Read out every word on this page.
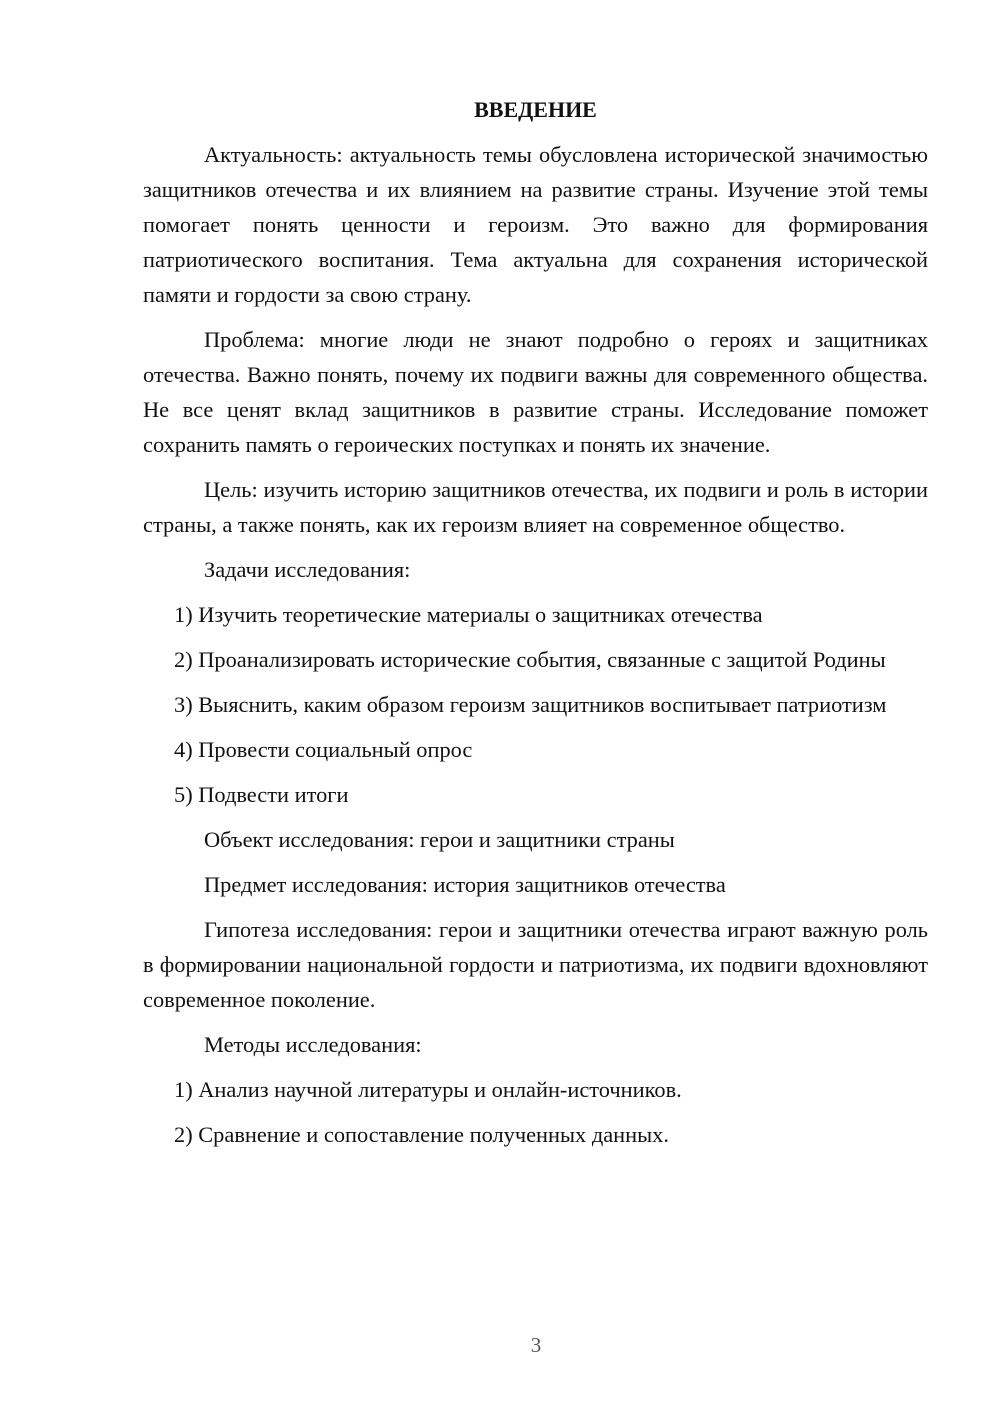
ВВЕДЕНИЕ

Актуальность: актуальность темы обусловлена исторической значимостью защитников отечества и их влиянием на развитие страны. Изучение этой темы помогает понять ценности и героизм. Это важно для формирования патриотического воспитания. Тема актуальна для сохранения исторической памяти и гордости за свою страну.

Проблема: многие люди не знают подробно о героях и защитниках отечества. Важно понять, почему их подвиги важны для современного общества. Не все ценят вклад защитников в развитие страны. Исследование поможет сохранить память о героических поступках и понять их значение.

Цель: изучить историю защитников отечества, их подвиги и роль в истории страны, а также понять, как их героизм влияет на современное общество.

Задачи исследования:

1) Изучить теоретические материалы о защитниках отечества

2) Проанализировать исторические события, связанные с защитой Родины

3) Выяснить, каким образом героизм защитников воспитывает патриотизм

4) Провести социальный опрос

5) Подвести итоги

Объект исследования: герои и защитники страны

Предмет исследования: история защитников отечества

Гипотеза исследования: герои и защитники отечества играют важную роль в формировании национальной гордости и патриотизма, их подвиги вдохновляют современное поколение.

Методы исследования:

1) Анализ научной литературы и онлайн-источников.

2) Сравнение и сопоставление полученных данных.

3
